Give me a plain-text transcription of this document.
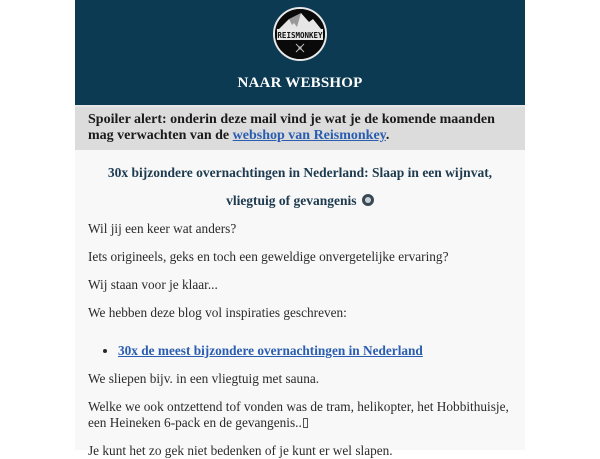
REISMONKEY
NAAR WEBSHOP
Spoiler alert: onderin deze mail vind je wat je de komende maanden mag verwachten van de webshop van Reismonkey.
30x bijzondere overnachtingen in Nederland: Slaap in een wijnvat, vliegtuig of gevangenis

Wil jij een keer wat anders?

Iets origineels, geks en toch een geweldige onvergetelijke ervaring?

Wij staan voor je klaar...

We hebben deze blog vol inspiraties geschreven:

• 30x de meest bijzondere overnachtingen in Nederland

We sliepen bijv. in een vliegtuig met sauna.

Welke we ook ontzettend tof vonden was de tram, helikopter, het Hobbithuisje, een Heineken 6-pack en de gevangenis..

Je kunt het zo gek niet bedenken of je kunt er wel slapen.
